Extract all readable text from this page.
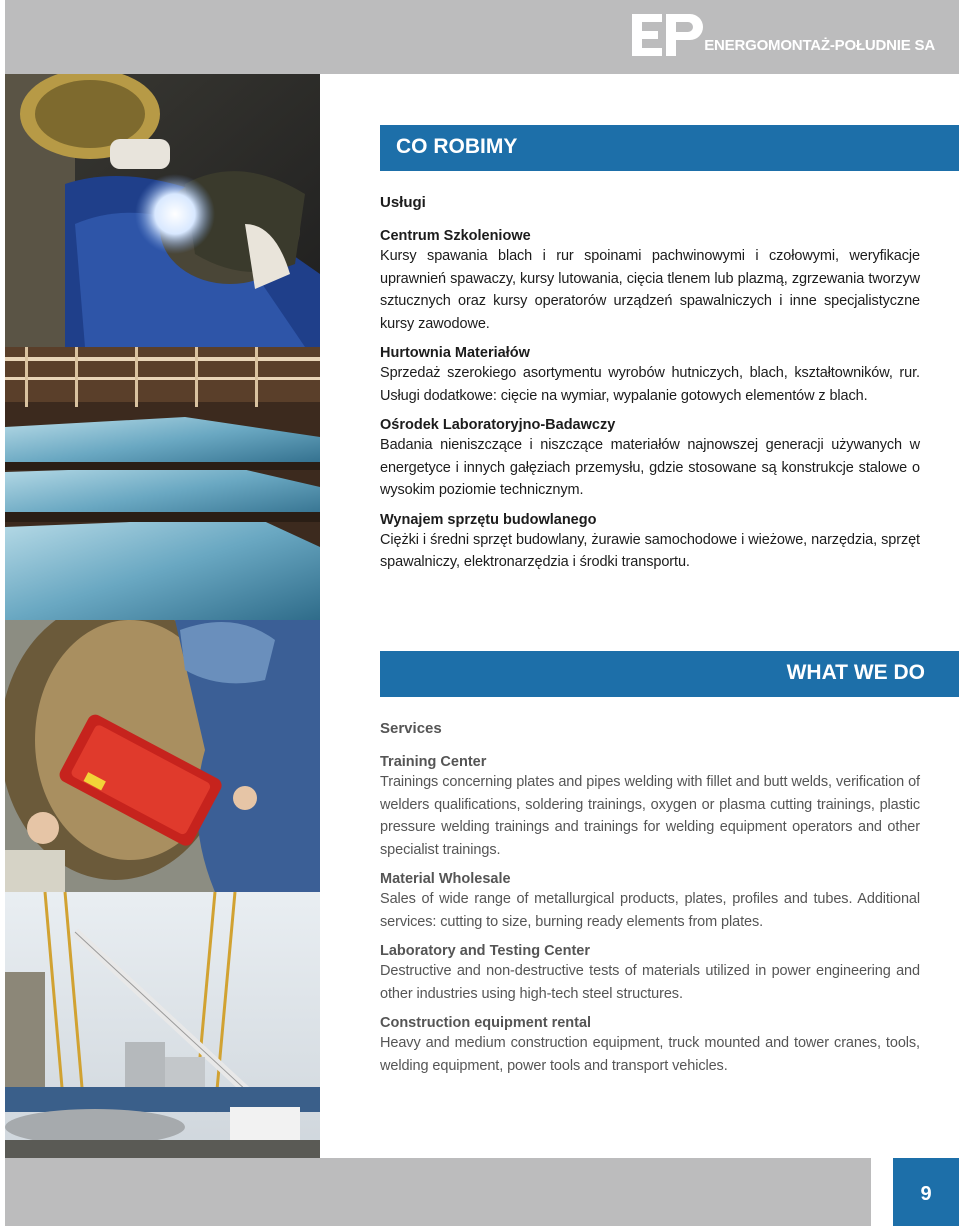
ENERGOMONTAŻ-POŁUDNIE SA
CO ROBIMY
Usługi
Centrum Szkoleniowe
Kursy spawania blach i rur spoinami pachwinowymi i czołowymi, weryfikacje uprawnień spawaczy, kursy lutowania, cięcia tlenem lub plazmą, zgrzewania tworzyw sztucznych oraz kursy operatorów urządzeń spawalniczych i inne specjalistyczne kursy zawodowe.
Hurtownia Materiałów
Sprzedaż szerokiego asortymentu wyrobów hutniczych, blach, kształtowników, rur. Usługi dodatkowe: cięcie na wymiar, wypalanie gotowych elementów z blach.
Ośrodek Laboratoryjno-Badawczy
Badania nieniszczące i niszczące materiałów najnowszej generacji używanych w energetyce i innych gałęziach przemysłu, gdzie stosowane są konstrukcje stalowe o wysokim poziomie technicznym.
Wynajem sprzętu budowlanego
Ciężki i średni sprzęt budowlany, żurawie samochodowe i wieżowe, narzędzia, sprzęt spawalniczy, elektronarzędzia i środki transportu.
WHAT WE DO
Services
Training Center
Trainings concerning plates and pipes welding with fillet and butt welds, verification of welders qualifications, soldering trainings, oxygen or plasma cutting trainings, plastic pressure welding trainings and trainings for welding equipment operators and other specialist trainings.
Material Wholesale
Sales of wide range of metallurgical products, plates, profiles and tubes. Additional services: cutting to size, burning ready elements from plates.
Laboratory and Testing Center
Destructive and non-destructive tests of materials utilized in power engineering and other industries using high-tech steel structures.
Construction equipment rental
Heavy and medium construction equipment, truck mounted and tower cranes, tools, welding equipment, power tools and transport vehicles.
9
